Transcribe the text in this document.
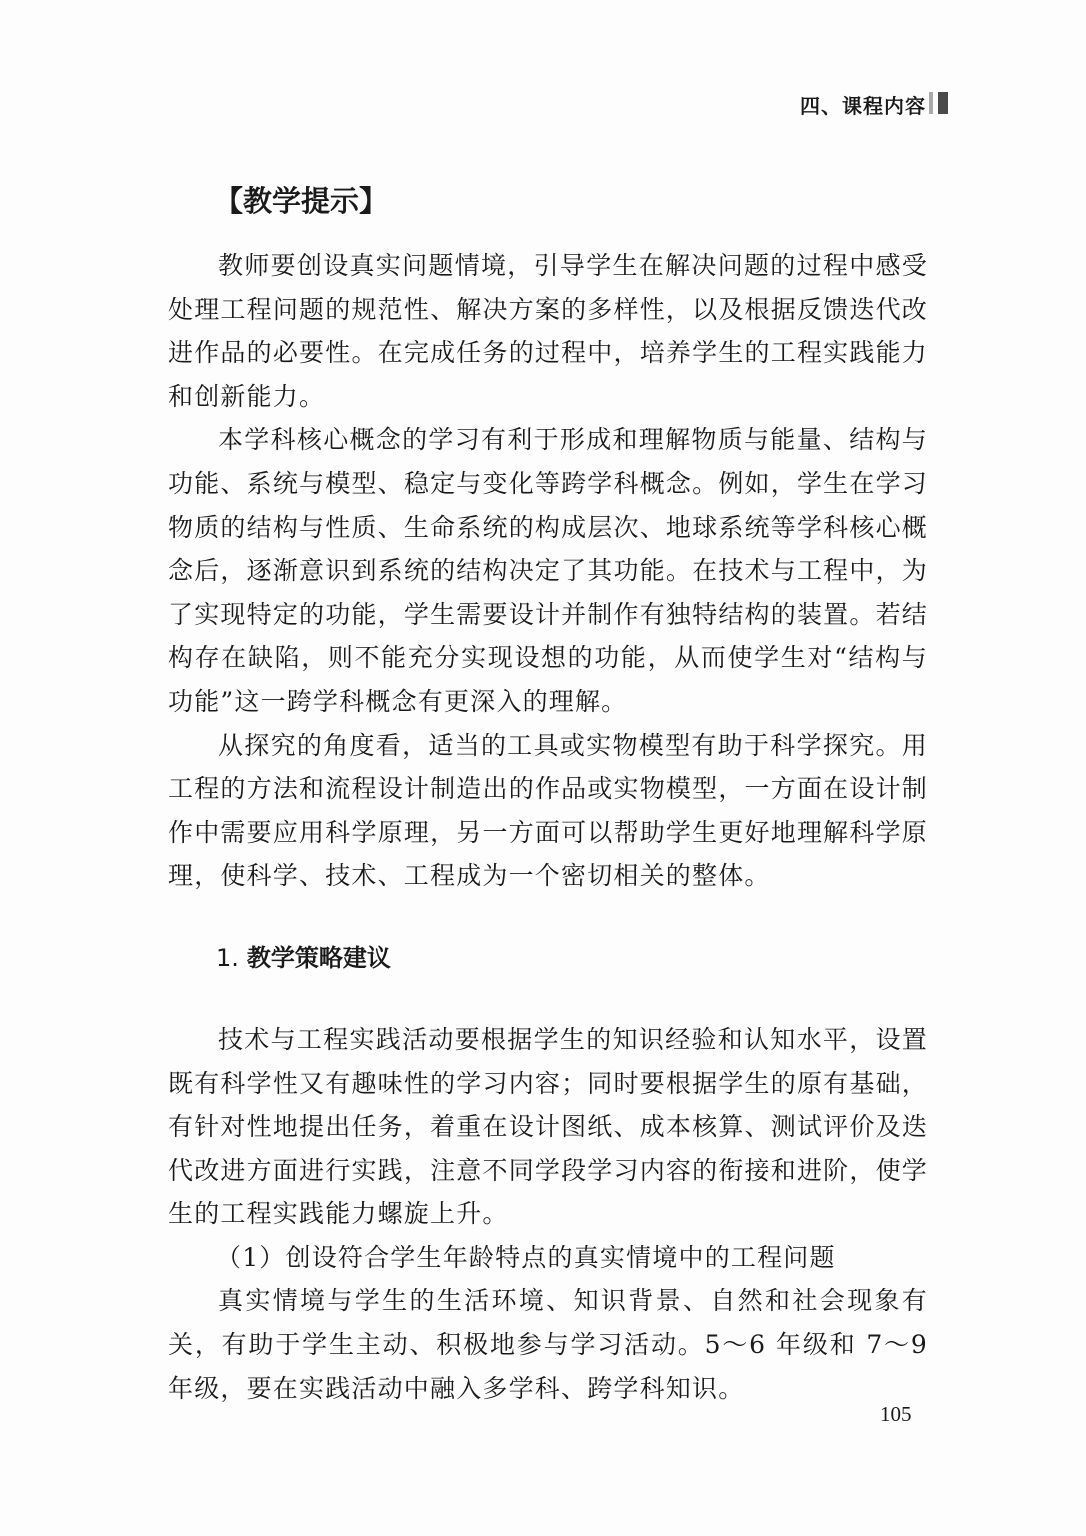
四、课程内容
【教学提示】

教师要创设真实问题情境，引导学生在解决问题的过程中感受处理工程问题的规范性、解决方案的多样性，以及根据反馈迭代改进作品的必要性。在完成任务的过程中，培养学生的工程实践能力和创新能力。

本学科核心概念的学习有利于形成和理解物质与能量、结构与功能、系统与模型、稳定与变化等跨学科概念。例如，学生在学习物质的结构与性质、生命系统的构成层次、地球系统等学科核心概念后，逐渐意识到系统的结构决定了其功能。在技术与工程中，为了实现特定的功能，学生需要设计并制作有独特结构的装置。若结构存在缺陷，则不能充分实现设想的功能，从而使学生对“结构与功能”这一跨学科概念有更深入的理解。

从探究的角度看，适当的工具或实物模型有助于科学探究。用工程的方法和流程设计制造出的作品或实物模型，一方面在设计制作中需要应用科学原理，另一方面可以帮助学生更好地理解科学原理，使科学、技术、工程成为一个密切相关的整体。

1. 教学策略建议

技术与工程实践活动要根据学生的知识经验和认知水平，设置既有科学性又有趣味性的学习内容；同时要根据学生的原有基础，有针对性地提出任务，着重在设计图纸、成本核算、测试评价及迭代改进方面进行实践，注意不同学段学习内容的衔接和进阶，使学生的工程实践能力螺旋上升。

（1）创设符合学生年龄特点的真实情境中的工程问题

真实情境与学生的生活环境、知识背景、自然和社会现象有关，有助于学生主动、积极地参与学习活动。5～6 年级和 7～9 年级，要在实践活动中融入多学科、跨学科知识。

105
